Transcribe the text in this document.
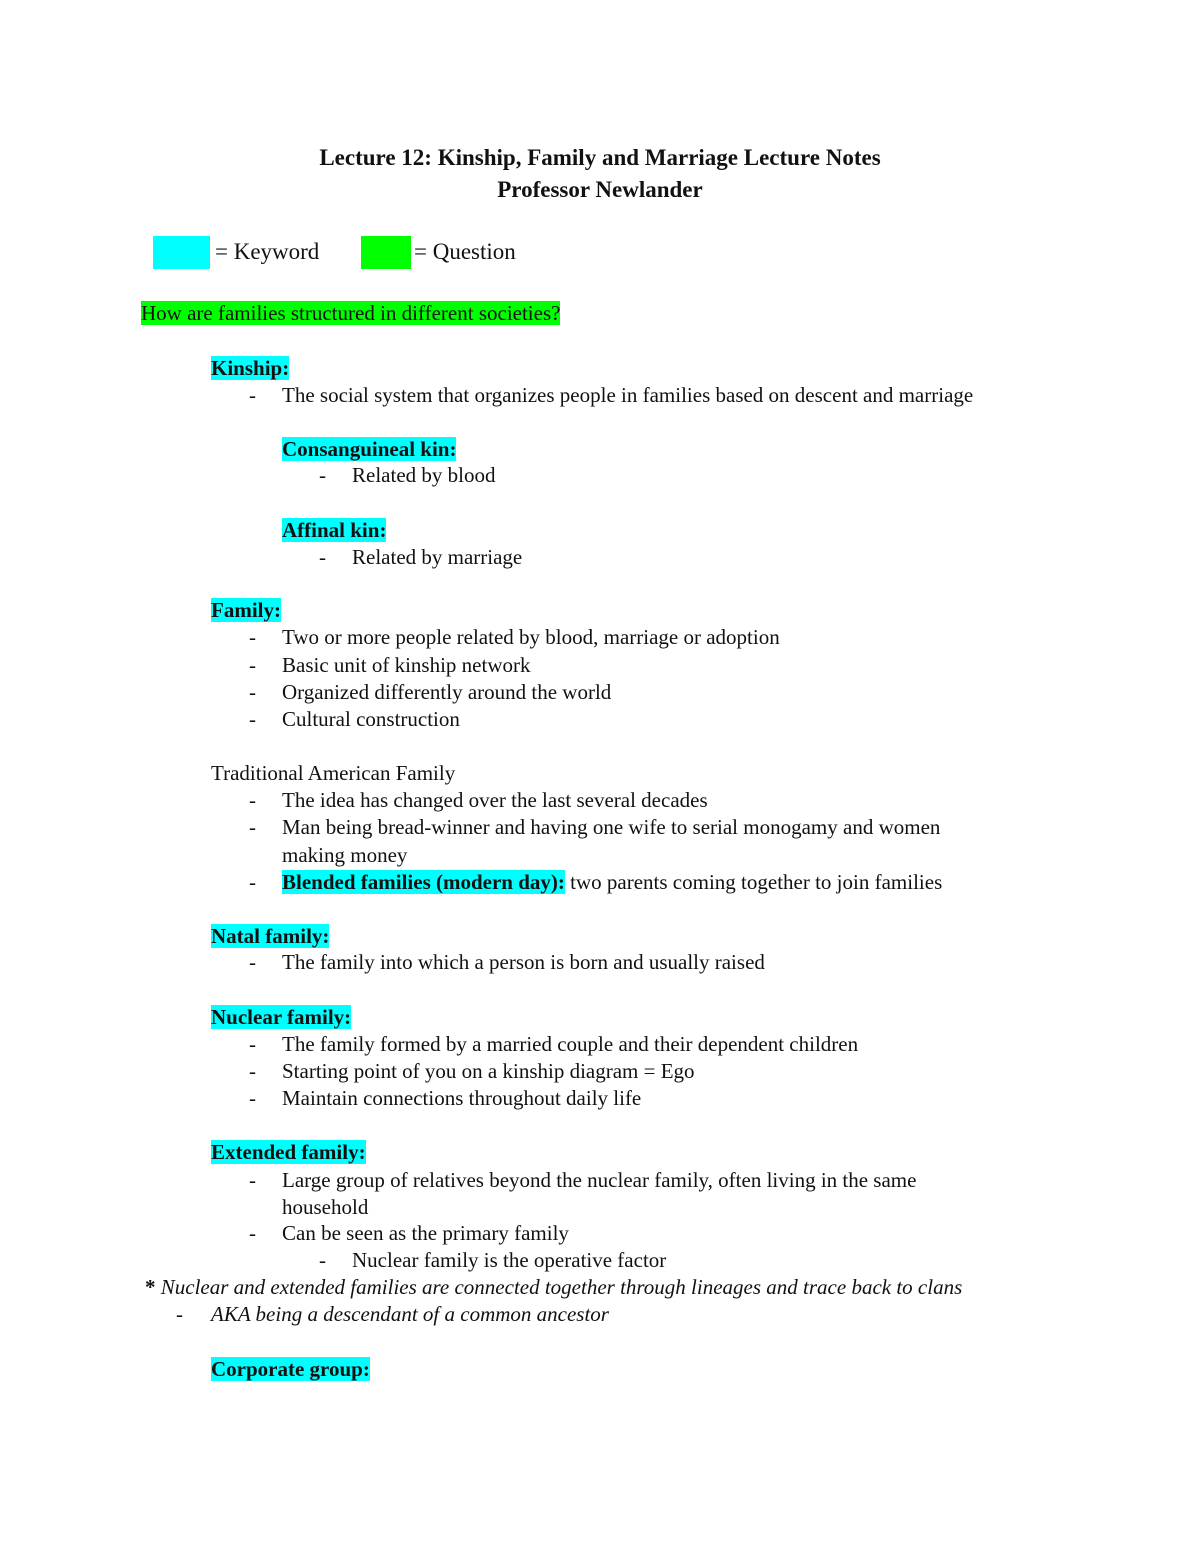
Lecture 12: Kinship, Family and Marriage Lecture Notes
Professor Newlander
= Keyword	= Question
How are families structured in different societies?
Kinship:
- The social system that organizes people in families based on descent and marriage
Consanguineal kin:
- Related by blood
Affinal kin:
- Related by marriage
Family:
- Two or more people related by blood, marriage or adoption
- Basic unit of kinship network
- Organized differently around the world
- Cultural construction
Traditional American Family
- The idea has changed over the last several decades
- Man being bread-winner and having one wife to serial monogamy and women
making money
- Blended families (modern day): two parents coming together to join families
Natal family:
- The family into which a person is born and usually raised
Nuclear family:
- The family formed by a married couple and their dependent children
- Starting point of you on a kinship diagram = Ego
- Maintain connections throughout daily life
Extended family:
- Large group of relatives beyond the nuclear family, often living in the same
household
- Can be seen as the primary family
- Nuclear family is the operative factor
* Nuclear and extended families are connected together through lineages and trace back to clans
- AKA being a descendant of a common ancestor
Corporate group:
